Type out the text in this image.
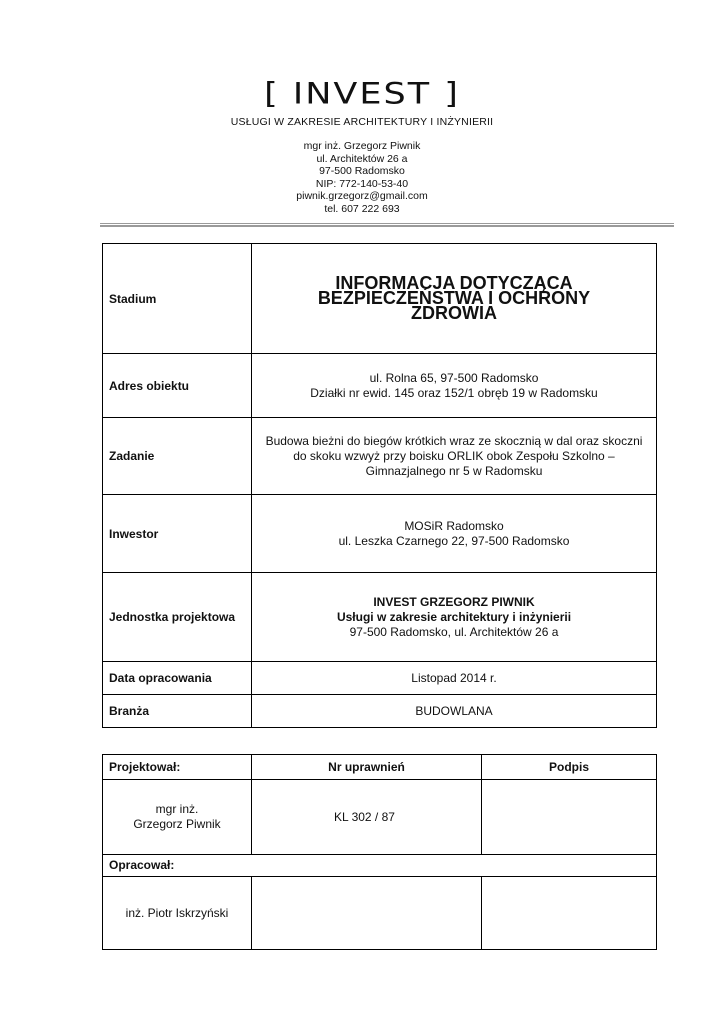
[ INVEST ]
USŁUGI W ZAKRESIE ARCHITEKTURY I INŻYNIERII
mgr inż. Grzegorz Piwnik
ul. Architektów 26 a
97-500 Radomsko
NIP: 772-140-53-40
piwnik.grzegorz@gmail.com
tel. 607 222 693
Stadium	INFORMACJA DOTYCZĄCA
BEZPIECZEŃSTWA I OCHRONY
ZDROWIA

Adres obiektu	ul. Rolna 65, 97-500 Radomsko
Działki nr ewid. 145 oraz 152/1 obręb 19 w Radomsku

Zadanie	Budowa bieżni do biegów krótkich wraz ze skocznią w dal oraz skoczni
do skoku wzwyż przy boisku ORLIK obok Zespołu Szkolno –
Gimnazjalnego nr 5 w Radomsku

Inwestor	MOSiR Radomsko
ul. Leszka Czarnego 22, 97-500 Radomsko

Jednostka projektowa	INVEST GRZEGORZ PIWNIK
Usługi w zakresie architektury i inżynierii
97-500 Radomsko, ul. Architektów 26 a

Data opracowania	Listopad 2014 r.
Branża	BUDOWLANA
Projektował:	Nr uprawnień	Podpis

mgr inż.
Grzegorz Piwnik	KL 302 / 87	
Opracował:		
inż. Piotr Iskrzyński		
